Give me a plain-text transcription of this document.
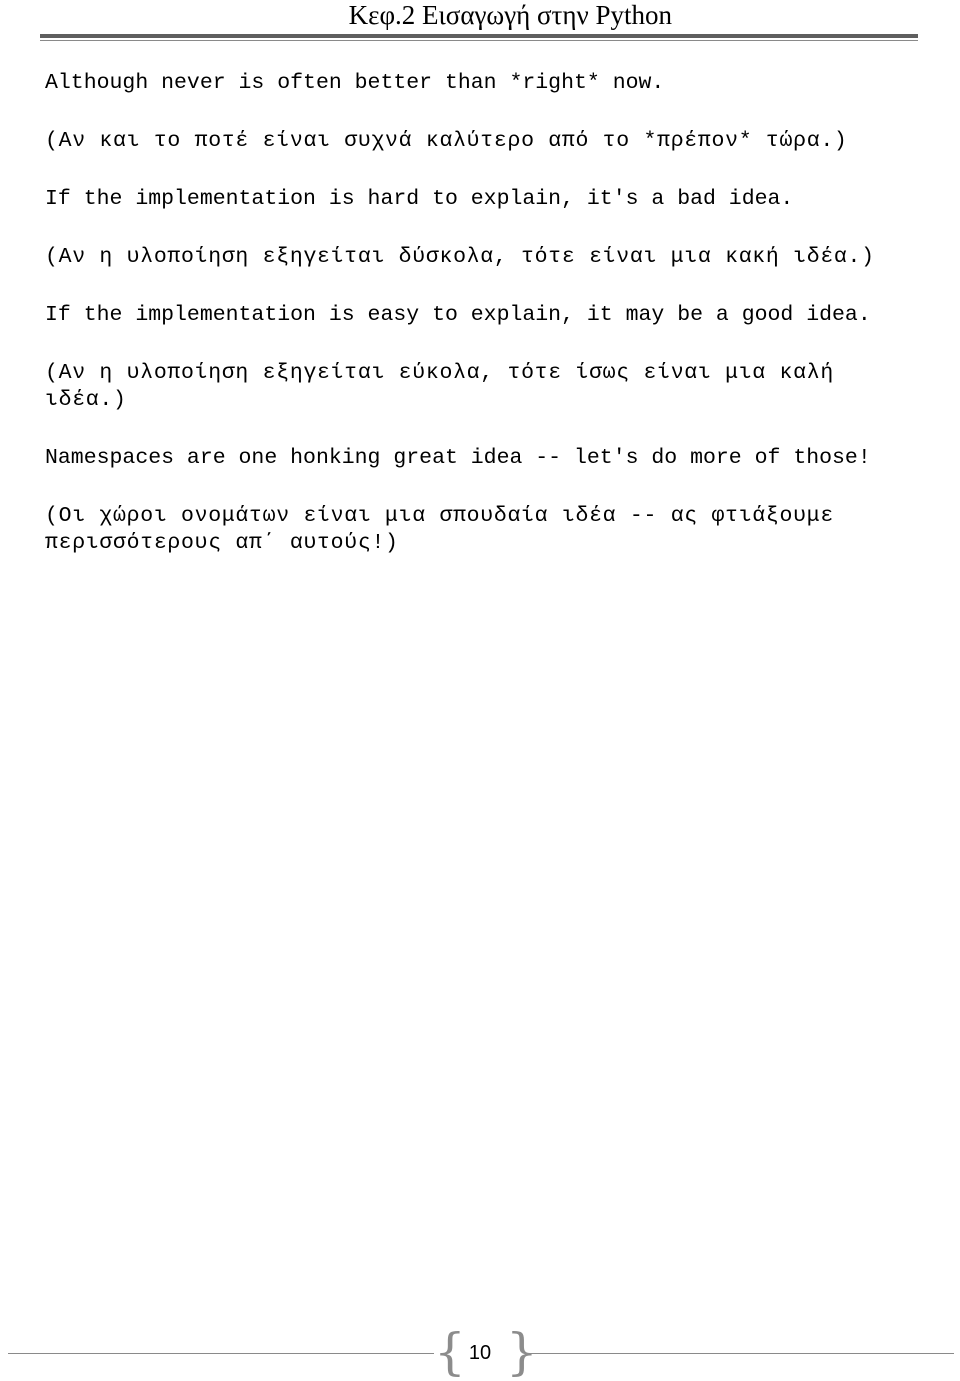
Κεφ.2 Εισαγωγή στην Python

Although never is often better than *right* now.

(Αν και το ποτέ είναι συχνά καλύτερο από το *πρέπον* τώρα.)

If the implementation is hard to explain, it's a bad idea.

(Αν η υλοποίηση εξηγείται δύσκολα, τότε είναι μια κακή ιδέα.)

If the implementation is easy to explain, it may be a good idea.

(Αν η υλοποίηση εξηγείται εύκολα, τότε ίσως είναι μια καλή ιδέα.)

Namespaces are one honking great idea -- let's do more of those!

(Οι χώροι ονομάτων είναι μια σπουδαία ιδέα -- ας φτιάξουμε περισσότερους απ΄ αυτούς!)

{ 10 }
